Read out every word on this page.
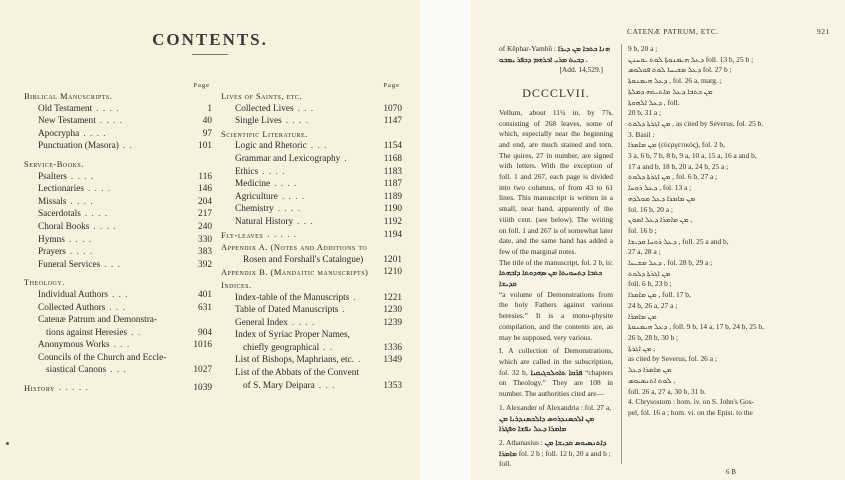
CONTENTS.
Page
Biblical Manuscripts.
Old Testament . . . .	1
New Testament . . . .	40
Apocrypha . . . .	97
Punctuation (Masora) . .	101
Service-Books.
Psalters . . . .	116
Lectionaries . . . .	146
Missals . . . .	204
Sacerdotals . . . .	217
Choral Books . . . .	240
Hymns . . . .	330
Prayers . . . .	383
Funeral Services . . .	392
Theology.
Individual Authors . . .	401
Collected Authors . . .	631
Catenæ Patrum and Demonstra-
tions against Heresies . .	904
Anonymous Works . . .	1016
Councils of the Church and Eccle-
siastical Canons . . .	1027
History . . . . .	1039
Page
Lives of Saints, etc.
Collected Lives . . .	1070
Single Lives . . . .	1147
Scientific Literature.
Logic and Rhetoric . . .	1154
Grammar and Lexicography .	1168
Ethics . . . .	1183
Medicine . . . .	1187
Agriculture . . . .	1189
Chemistry . . . .	1190
Natural History . . .	1192
Fly-leaves . . . . .	1194
Appendix A. (Notes and Additions to
Rosen and Forshall's Catalogue)	1201
Appendix B. (Mandaitic manuscripts)	1210
Indices.
Index-table of the Manuscripts .	1221
Table of Dated Manuscripts .	1230
General Index . . . .	1239
Index of Syriac Proper Names,
chiefly geographical . .	1336
List of Bishops, Maphrians, etc. .	1349
List of the Abbats of the Convent
of S. Mary Deipara . . .	1353
CATENÆ PATRUM, ETC.	921

of Kêphar-Yambû : ܗܢܐ ܟܬܒܐ ܡܢ ܕܝܪܐ

ܕܒܝܬ ܡܪܝ ܐܒܪܗܡ ܕܟܦܪ ܝܡܒܘ .

[Add. 14,529.]

DCCCLVII.

Vellum, about 11¼ in. by 7⅞, consisting of 268 leaves, some of which, especially near the beginning and end, are much stained and torn. The quires, 27 in number, are signed with letters. With the exception of foll. 1 and 267, each page is divided into two columns, of from 43 to 61 lines. This manuscript is written in a small, neat hand, apparently of the viiith cent. (see below). The writing on foll. 1 and 267 is of somewhat later date, and the same hand has added a few of the marginal notes.

The title of the manuscript, fol. 2 b, is:

ܟܬܒܐ ܕܬܚܘܝܬܐ ܡܢ ܣܗܕܘܬܐ ܕܐܒܗܬܐ ܩܕܝܫܐ

“a volume of Demonstrations from the holy Fathers against various heresies.” It is a mono-physite compilation, and the contents are, as may be supposed, very various.

I. A collection of Demonstrations, which are called in the subscription, fol. 32 b, ܦܪ̈ܩܐ ܬܐܘܠܘܓܝܩܝܐ “chapters on Theology.” They are 108 in number. The authorities cited are—

1. Alexander of Alexandria : fol. 27 a, ܡܢ ܐܠܟܣܢܕܪܘܣ ܕܐܠܟܣܢܕܪܝܐ ܡܢ ܡܐܡܪܐ ܕܥܠ ܢܦܫܐ ܘܦܓܪܐ

2. Athanasius : ܕܐܬܢܣܝܘܣ ܩܕܝܫܐ ܡܢ ܡܐܡܪܐ fol. 2 b ; foll. 12 b, 20 a and b ; foll.

9 b, 20 a ;

ܕܥܠ ܗܝܡܢܘܬܐ ܠܘܬ ܝܘܚܢܢ foll. 13 b, 25 b ;

ܕܥܠ ܡܫܝܚܐ ܠܘܬ ܦܘܠܘܣ fol. 27 b ;

ܕܥܠ ܗܝܡܢܘܬܐ , fol. 26 a, marg. ;

ܡܢ ܟܬܒܐ ܕܥܠ ܡܐܬܝܬܗ ܕܡܠܬܐ

ܕܥܠ ܐܠܗܘܬܐ , foll.

20 b, 31 a ;

ܡܢ ܐܓܪܬܐ ܕܠܘܬ , as cited by Severus, fol. 25 b.

3. Basil :

ܡܢ ܡܐܡܪܐ (εὐεργετικός), fol. 2 b,

3 a, 6 b, 7 b, 8 b, 9 a, 10 a, 15 a, 16 a and b,

17 a and b, 18 b, 20 a, 24 b, 25 a ;

ܡܢ ܐܓܪܬܐ ܕܠܘܬ , fol. 6 b, 27 a ;

ܕܥܠ ܪܘܚܐ , fol. 13 a ;

ܡܢ ܡܐܡܪܐ ܕܥܠ ܡܘܠܕܗ

fol. 16 b, 20 a ;

ܡܢ ܡܐܡܪܐ ܕܥܠ ܐܡܘܢ ,

fol. 16 b ;

ܕܥܠ ܪܘܚܐ ܩܕܝܫܐ , foll. 25 a and b,

27 a, 28 a ;

ܕܥܠ ܡܫܝܚܐ , fol. 28 b, 29 a ;

ܡܢ ܐܓܪܬܐ ܕܠܘܬ

foll. 6 b, 23 b ;

ܡܢ ܡܐܡܪܐ , foll. 17 b,

24 b, 26 a, 27 a ;

ܡܢ ܡܐܡܪܐ

ܕܥܠ ܗܝܡܢܘܬܐ , foll. 9 b, 14 a, 17 b, 24 b, 25 b,

26 b, 28 b, 30 b ;

ܡܢ ܐܓܪܬܐ ,

as cited by Severus, fol. 26 a ;

ܡܢ ܡܐܡܪܐ ܕܥܠ

ܠܘܬ ܐܬܢܣܝܘܣ ,

foll. 26 a, 27 a, 30 b, 31 b.

4. Chrysostom : hom. iv. on S. John's Gos-

pel, fol. 16 a ; hom. vi. on the Epist. to the

6 B
